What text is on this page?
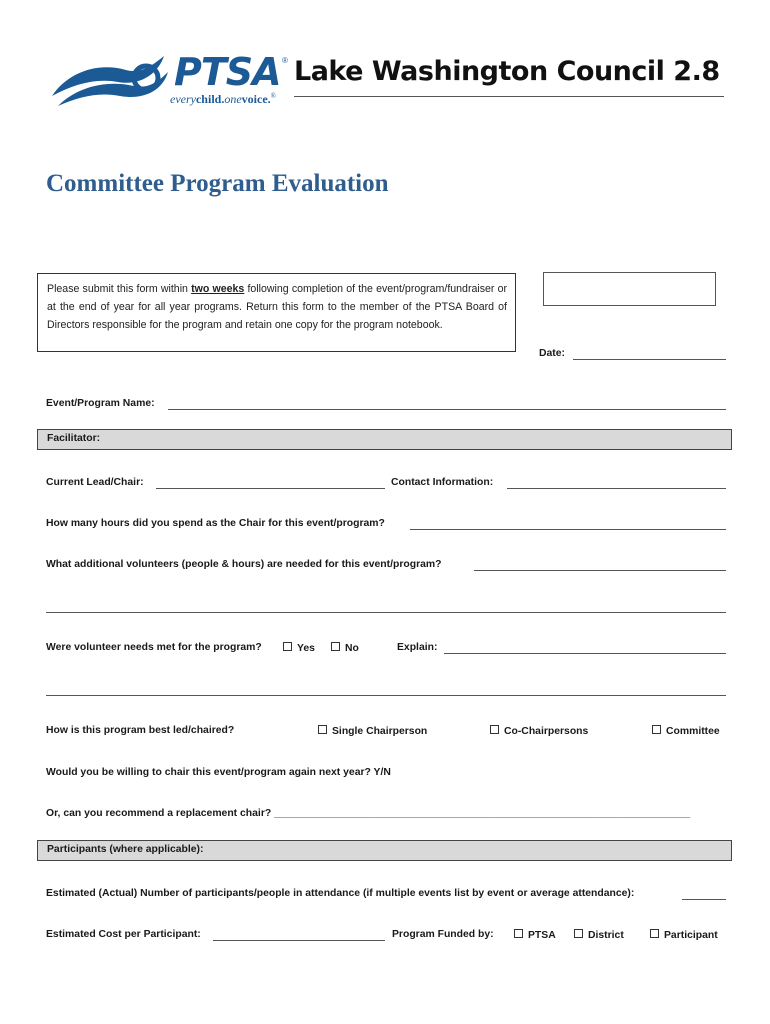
PTSA ® Lake Washington Council 2.8
everychild.onevoice.®
Committee Program Evaluation
Please submit this form within two weeks following completion of the event/program/fundraiser or at the end of year for all year programs. Return this form to the member of the PTSA Board of Directors responsible for the program and retain one copy for the program notebook.
Date:
Event/Program Name:
Facilitator:
Current Lead/Chair:	Contact Information:
How many hours did you spend as the Chair for this event/program?
What additional volunteers (people & hours) are needed for this event/program?
Were volunteer needs met for the program?	Yes	No	Explain:
How is this program best led/chaired?	Single Chairperson	Co-Chairpersons	Committee
Would you be willing to chair this event/program again next year? Y/N
Or, can you recommend a replacement chair? ________________________________________________________________________
Participants (where applicable):
Estimated (Actual) Number of participants/people in attendance (if multiple events list by event or average attendance):
Estimated Cost per Participant:	Program Funded by:	PTSA	District	Participant
